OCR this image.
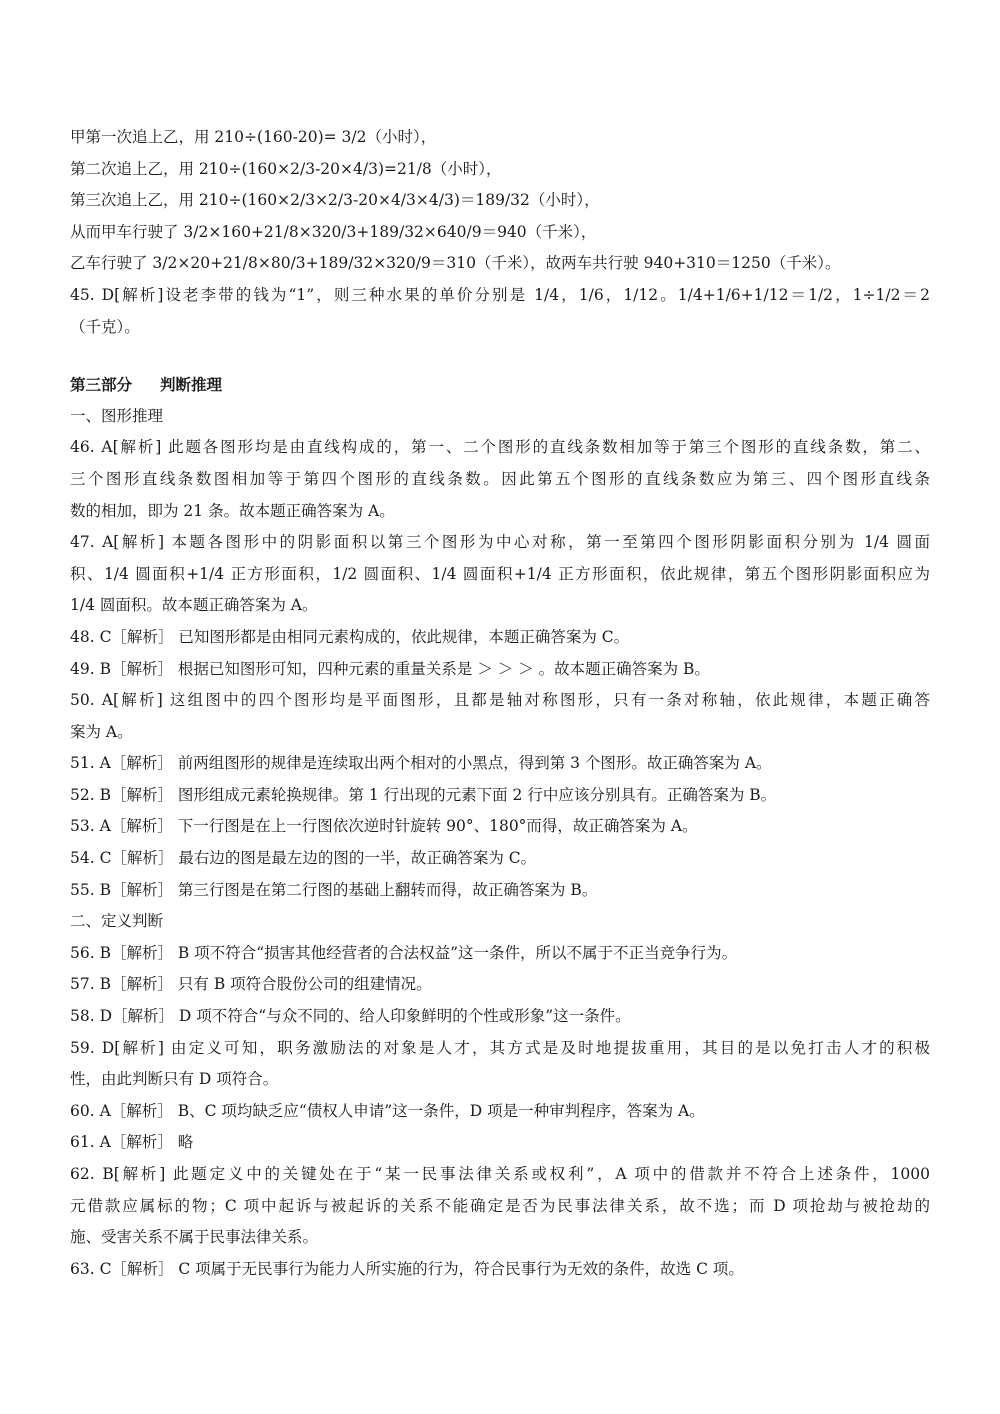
甲第一次追上乙，用 210÷(160-20)= 3/2（小时），
第二次追上乙，用 210÷(160×2/3-20×4/3)=21/8（小时），
第三次追上乙，用 210÷(160×2/3×2/3-20×4/3×4/3)＝189/32（小时），
从而甲车行驶了 3/2×160+21/8×320/3+189/32×640/9＝940（千米），
乙车行驶了 3/2×20+21/8×80/3+189/32×320/9＝310（千米），故两车共行驶 940+310＝1250（千米）。
45. D[解析]设老李带的钱为“1”，则三种水果的单价分别是 1/4，1/6，1/12。1/4+1/6+1/12＝1/2，1÷1/2＝2
（千克）。
第三部分 判断推理
一、图形推理
46. A[解析] 此题各图形均是由直线构成的，第一、二个图形的直线条数相加等于第三个图形的直线条数，第二、
三个图形直线条数图相加等于第四个图形的直线条数。因此第五个图形的直线条数应为第三、四个图形直线条
数的相加，即为 21 条。故本题正确答案为 A。
47. A[解析] 本题各图形中的阴影面积以第三个图形为中心对称，第一至第四个图形阴影面积分别为 1/4 圆面
积、1/4 圆面积+1/4 正方形面积，1/2 圆面积、1/4 圆面积+1/4 正方形面积，依此规律，第五个图形阴影面积应为
1/4 圆面积。故本题正确答案为 A。
48. C［解析］ 已知图形都是由相同元素构成的，依此规律，本题正确答案为 C。
49. B［解析］ 根据已知图形可知，四种元素的重量关系是 ＞ ＞ ＞ 。故本题正确答案为 B。
50. A[解析] 这组图中的四个图形均是平面图形，且都是轴对称图形，只有一条对称轴，依此规律，本题正确答
案为 A。
51. A［解析］ 前两组图形的规律是连续取出两个相对的小黑点，得到第 3 个图形。故正确答案为 A。
52. B［解析］ 图形组成元素轮换规律。第 1 行出现的元素下面 2 行中应该分别具有。正确答案为 B。
53. A［解析］ 下一行图是在上一行图依次逆时针旋转 90°、180°而得，故正确答案为 A。
54. C［解析］ 最右边的图是最左边的图的一半，故正确答案为 C。
55. B［解析］ 第三行图是在第二行图的基础上翻转而得，故正确答案为 B。
二、定义判断
56. B［解析］ B 项不符合“损害其他经营者的合法权益”这一条件，所以不属于不正当竞争行为。
57. B［解析］ 只有 B 项符合股份公司的组建情况。
58. D［解析］ D 项不符合“与众不同的、给人印象鲜明的个性或形象”这一条件。
59. D[解析] 由定义可知，职务激励法的对象是人才，其方式是及时地提拔重用，其目的是以免打击人才的积极
性，由此判断只有 D 项符合。
60. A［解析］ B、C 项均缺乏应“债权人申请”这一条件，D 项是一种审判程序，答案为 A。
61. A［解析］ 略
62. B[解析] 此题定义中的关键处在于“某一民事法律关系或权利”，A 项中的借款并不符合上述条件，1000
元借款应属标的物；C 项中起诉与被起诉的关系不能确定是否为民事法律关系，故不选；而 D 项抢劫与被抢劫的
施、受害关系不属于民事法律关系。
63. C［解析］ C 项属于无民事行为能力人所实施的行为，符合民事行为无效的条件，故选 C 项。
